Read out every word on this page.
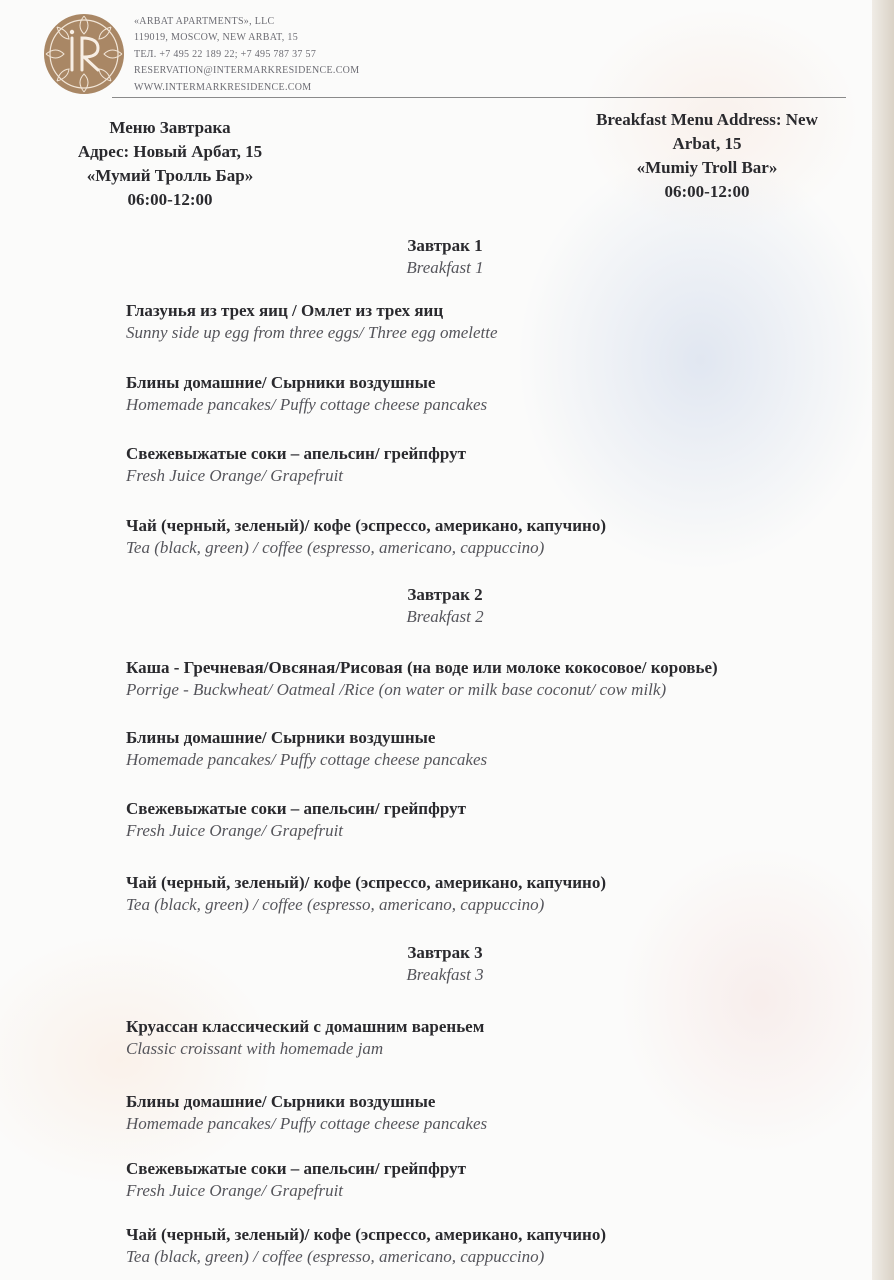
«ARBAT APARTMENTS», LLC
119019, MOSCOW, NEW ARBAT, 15
ТЕЛ. +7 495 22 189 22; +7 495 787 37 57
RESERVATION@INTERMARKRESIDENCE.COM
WWW.INTERMARKRESIDENCE.COM
Меню Завтрака
Адрес: Новый Арбат, 15
«Мумий Тролль Бар»
06:00-12:00
Breakfast Menu Address: New
Arbat, 15
«Mumiy Troll Bar»
06:00-12:00
Завтрак 1
Breakfast 1
Глазунья из трех яиц / Омлет из трех яиц
Sunny side up egg from three eggs/ Three egg omelette
Блины домашние/ Сырники воздушные
Homemade pancakes/ Puffy cottage cheese pancakes
Свежевыжатые соки – апельсин/ грейпфрут
Fresh Juice Orange/ Grapefruit
Чай (черный, зеленый)/ кофе (эспрессо, американо, капучино)
Tea (black, green) / coffee (espresso, americano, cappuccino)
Завтрак 2
Breakfast 2
Каша - Гречневая/Овсяная/Рисовая (на воде или молоке кокосовое/ коровье)
Porrige - Buckwheat/ Oatmeal /Rice (on water or milk base coconut/ cow milk)
Блины домашние/ Сырники воздушные
Homemade pancakes/ Puffy cottage cheese pancakes
Свежевыжатые соки – апельсин/ грейпфрут
Fresh Juice Orange/ Grapefruit
Чай (черный, зеленый)/ кофе (эспрессо, американо, капучино)
Tea (black, green) / coffee (espresso, americano, cappuccino)
Завтрак 3
Breakfast 3
Круассан классический с домашним вареньем
Classic croissant with homemade jam
Блины домашние/ Сырники воздушные
Homemade pancakes/ Puffy cottage cheese pancakes
Свежевыжатые соки – апельсин/ грейпфрут
Fresh Juice Orange/ Grapefruit
Чай (черный, зеленый)/ кофе (эспрессо, американо, капучино)
Tea (black, green) / coffee (espresso, americano, cappuccino)
